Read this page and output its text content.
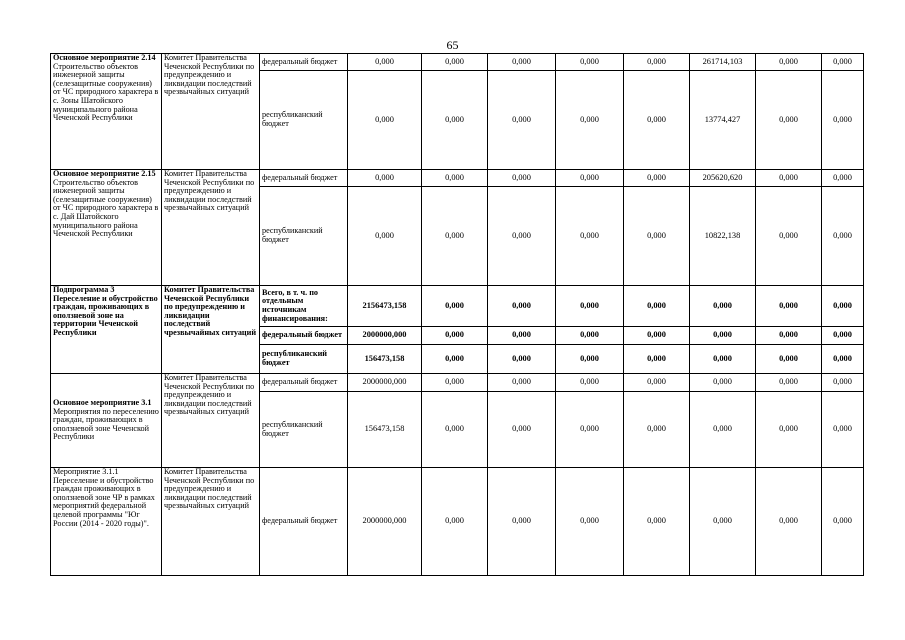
65
Основное мероприятие 2.14
Строительство объектов инженерной защиты (селезащитные сооружения) от ЧС природного характера в с. Зоны Шатойского муниципального района Чеченской Республики	Комитет Правительства Чеченской Республики по предупреждению и ликвидации последствий чрезвычайных ситуаций	федеральный бюджет	0,000	0,000	0,000	0,000	0,000	261714,103	0,000	0,000
		республиканский бюджет	0,000	0,000	0,000	0,000	0,000	13774,427	0,000	0,000

Основное мероприятие 2.15
Строительство объектов инженерной защиты (селезащитные сооружения) от ЧС природного характера в с. Дай Шатойского муниципального района Чеченской Республики	Комитет Правительства Чеченской Республики по предупреждению и ликвидации последствий чрезвычайных ситуаций	федеральный бюджет	0,000	0,000	0,000	0,000	0,000	205620,620	0,000	0,000
		республиканский бюджет	0,000	0,000	0,000	0,000	0,000	10822,138	0,000	0,000
Подпрограмма 3 Переселение и обустройство граждан, проживающих в оползневой зоне на территории Чеченской Республики	Комитет Правительства Чеченской Республики по предупреждению и ликвидации последствий чрезвычайных ситуаций	Всего, в т. ч. по отдельным источникам финансирования:	2156473,158	0,000	0,000	0,000	0,000	0,000	0,000	0,000
		федеральный бюджет	2000000,000	0,000	0,000	0,000	0,000	0,000	0,000	0,000
		республиканский бюджет	156473,158	0,000	0,000	0,000	0,000	0,000	0,000	0,000

Основное мероприятие 3.1
Мероприятия по переселению граждан, проживающих в оползневой зоне Чеченской Республики	Комитет Правительства Чеченской Республики по предупреждению и ликвидации последствий чрезвычайных ситуаций	федеральный бюджет	2000000,000	0,000	0,000	0,000	0,000	0,000	0,000	0,000
		республиканский бюджет	156473,158	0,000	0,000	0,000	0,000	0,000	0,000	0,000
Мероприятие 3.1.1 Переселение и обустройство граждан проживающих в оползневой зоне ЧР в рамках мероприятий федеральной целевой программы "Юг России (2014 - 2020 годы)".	Комитет Правительства Чеченской Республики по предупреждению и ликвидации последствий чрезвычайных ситуаций	федеральный бюджет	2000000,000	0,000	0,000	0,000	0,000	0,000	0,000	0,000
